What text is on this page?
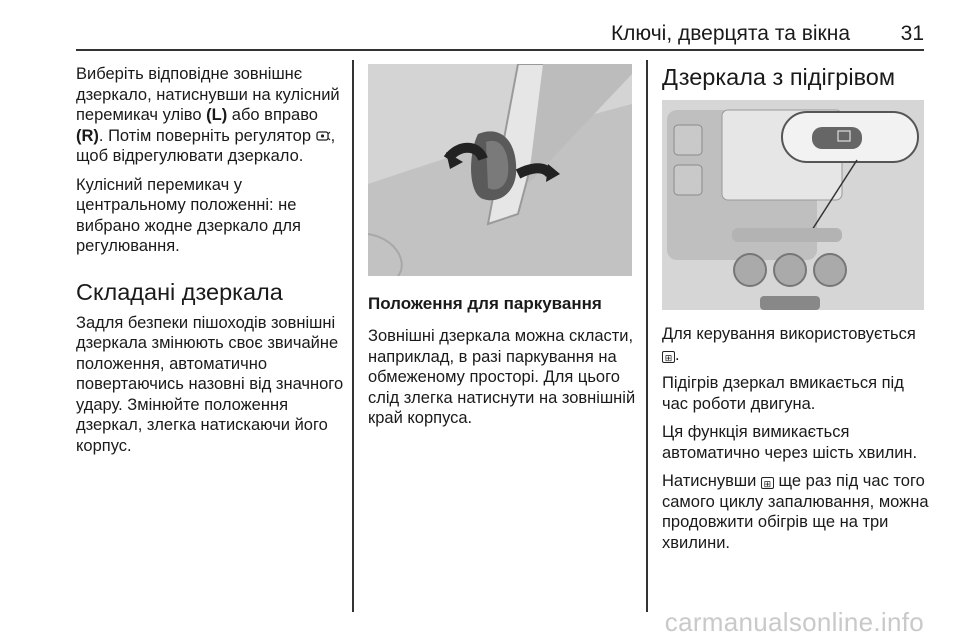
Ключі, дверцята та вікна 31

Виберіть відповідне зовнішнє дзеркало, натиснувши на кулісний перемикач уліво (L) або вправо (R). Потім поверніть регулятор , щоб відрегулювати дзеркало.

Кулісний перемикач у центральному положенні: не вибрано жодне дзеркало для регулювання.

Складані дзеркала

Задля безпеки пішоходів зовнішні дзеркала змінюють своє звичайне положення, автоматично повертаючись назовні від значного удару. Змінюйте положення дзеркал, злегка натискаючи його корпус.

Положення для паркування

Зовнішні дзеркала можна скласти, наприклад, в разі паркування на обмеженому просторі. Для цього слід злегка натиснути на зовнішній край корпуса.

Дзеркала з підігрівом

Для керування використовується
⊞ .

Підігрів дзеркал вмикається під час роботи двигуна.

Ця функція вимикається автоматично через шість хвилин.

Натиснувши ⊞ ще раз під час того самого циклу запалювання, можна продовжити обігрів ще на три хвилини.

carmanualsonline.info
